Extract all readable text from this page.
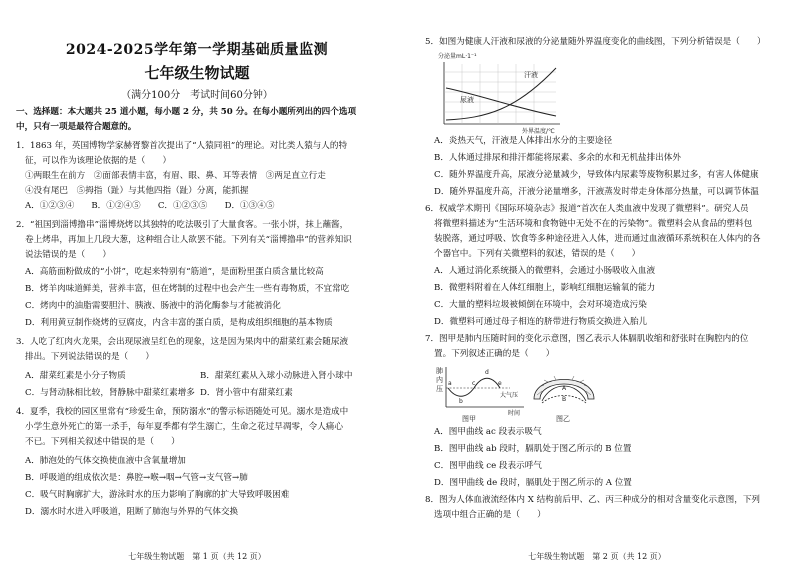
2024-2025学年第一学期基础质量监测
七年级生物试题
（满分100分　考试时间60分钟）
一、选择题：本大题共 25 道小题，每小题 2 分，共 50 分。在每小题所列出的四个选项
中，只有一项是最符合题意的。
1．1863 年，英国博物学家赫胥黎首次提出了“人猿同祖”的理论。对比类人猿与人的特
征，可以作为该理论依据的是（　　）
①两眼生在前方　②面部表情丰富，有眉、眼、鼻、耳等表情　③两足直立行走
④没有尾巴　⑤拇指（趾）与其他四指（趾）分离，能抓握
A．①②③④　　B．①②④⑤　　C．①②③⑤　　D．①③④⑤
2．“祖国到淄博撸串”淄博烧烤以其独特的吃法吸引了大量食客。一张小饼，抹上蘸酱，
卷上烤串，再加上几段大葱，这种组合让人欲罢不能。下列有关“淄博撸串”的营养知识
说法错误的是（　　）
A．高筋面粉做成的“小饼”，吃起来特别有“筋道”，是面粉里蛋白质含量比较高
B．烤羊肉味道鲜美，营养丰富，但在烤制的过程中也会产生一些有毒物质，不宜常吃
C．烤肉中的油脂需要胆汁、胰液、肠液中的消化酶参与才能被消化
D．利用黄豆制作烧烤的豆腐皮，内含丰富的蛋白质，是构成组织细胞的基本物质
3．人吃了红肉火龙果，会出现尿液呈红色的现象，这是因为果肉中的甜菜红素会随尿液
排出。下列说法错误的是（　　）
A．甜菜红素是小分子物质	B．甜菜红素从入球小动脉进入肾小球中
C．与肾动脉相比较，肾静脉中甜菜红素增多 D．肾小管中有甜菜红素
4．夏季，我校的园区里常有“珍爱生命，预防溺水”的警示标语随处可见。溺水是造成中
小学生意外死亡的第一杀手，每年夏季都有学生溺亡，生命之花过早凋零，令人痛心
不已。下列相关叙述中错误的是（　　）
A．肺泡处的气体交换使血液中含氧量增加
B．呼吸道的组成依次是：鼻腔→喉→咽→气管→支气管→肺
C．吸气时胸廓扩大，游泳时水的压力影响了胸廓的扩大导致呼吸困难
D．溺水时水进入呼吸道，阻断了肺泡与外界的气体交换
七年级生物试题　第 1 页（共 12 页）
5．如图为健康人汗液和尿液的分泌量随外界温度变化的曲线图，下列分析错误是（　　）
分泌量mL·1⁻¹
汗液
尿液
外界温度/℃
A．炎热天气，汗液是人体排出水分的主要途径
B．人体通过排尿和排汗都能将尿素、多余的水和无机盐排出体外
C．随外界温度升高，尿液分泌量减少，导致体内尿素等废物积累过多，有害人体健康
D．随外界温度升高，汗液分泌量增多，汗液蒸发时带走身体部分热量，可以调节体温
6．权威学术期刊《国际环境杂志》报道“首次在人类血液中发现了微塑料”。研究人员
将微塑料描述为“生活环境和食物链中无处不在的污染物”。微塑料会从食品的塑料包
装脱落，通过呼吸、饮食等多种途径进入人体，进而通过血液循环系统积在人体内的各
个器官中。下列有关微塑料的叙述，错误的是（　　）
A．人通过消化系统摄入的微塑料，会通过小肠吸收入血液
B．微塑料附着在人体红细胞上，影响红细胞运输氧的能力
C．大量的塑料垃圾被倾倒在环境中，会对环境造成污染
D．微塑料可通过母子相连的脐带进行物质交换进入胎儿
7．图甲是肺内压随时间的变化示意图，图乙表示人体膈肌收缩和舒张时在胸腔内的位
置。下列叙述正确的是（　　）
肺
内
压
a
b
c
d
e
大气压
时间
图甲
A
B
图乙
A．图甲曲线 ac 段表示吸气
B．图甲曲线 ab 段时，膈肌处于图乙所示的 B 位置
C．图甲曲线 ce 段表示呼气
D．图甲曲线 de 段时，膈肌处于图乙所示的 A 位置
8．图为人体血液流经体内 X 结构前后甲、乙、丙三种成分的相对含量变化示意图，下列
选项中组合正确的是（　　）
七年级生物试题　第 2 页（共 12 页）
